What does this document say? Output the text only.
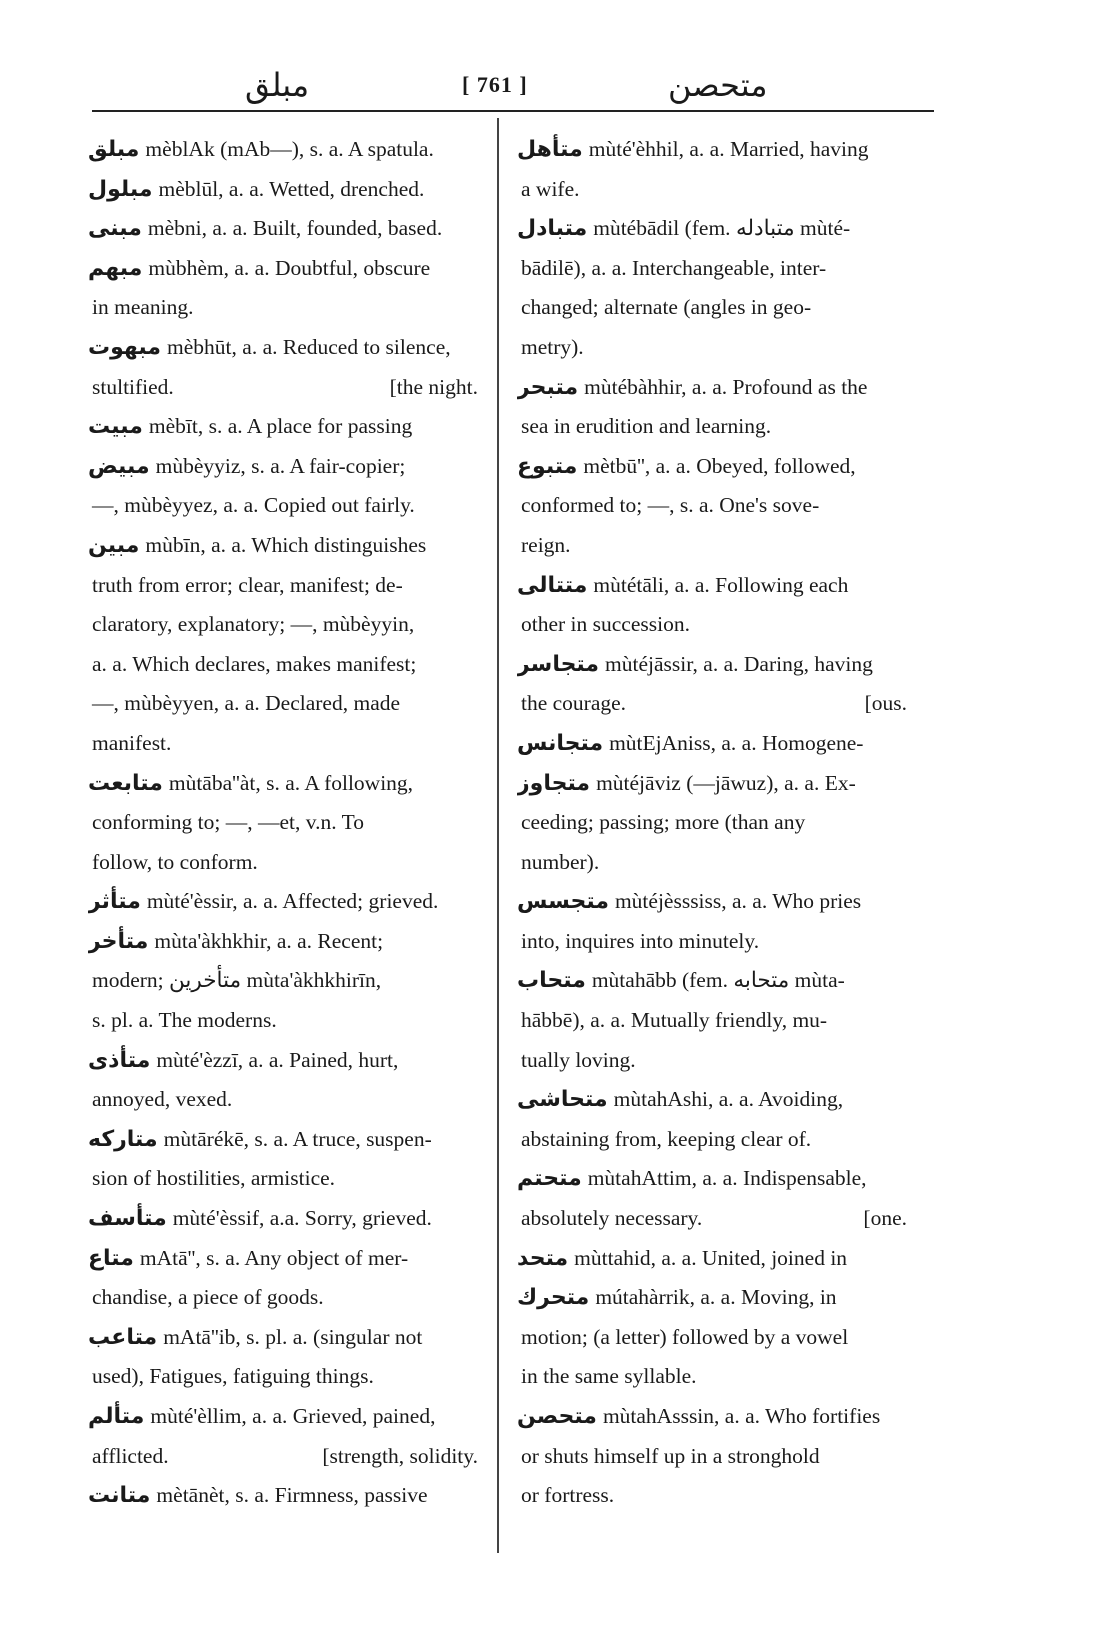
مبلق	[ 761 ]	متحصن
مبلق mèblAk (mAb—), s. a. A spatula.
مبلول mèblūl, a. a. Wetted, drenched.
مبنى mèbni, a. a. Built, founded, based.
مبهم mùbhèm, a. a. Doubtful, obscure
in meaning.
مبهوت mèbhūt, a. a. Reduced to silence,
stultified.	[the night.
مبيت mèbīt, s. a. A place for passing
مبيض mùbèyyiz, s. a. A fair-copier;
—, mùbèyyez, a. a. Copied out fairly.
مبين mùbīn, a. a. Which distinguishes
truth from error; clear, manifest; de-
claratory, explanatory; —, mùbèyyin,
a. a. Which declares, makes manifest;
—, mùbèyyen, a. a. Declared, made
manifest.
متابعت mùtāba''àt, s. a. A following,
conforming to; —, —et, v.n. To
follow, to conform.
متأثر mùté'èssir, a. a. Affected; grieved.
متأخر mùta'àkhkhir, a. a. Recent;
modern; متأخرين mùta'àkhkhirīn,
s. pl. a. The moderns.
متأذى mùté'èzzī, a. a. Pained, hurt,
annoyed, vexed.
متاركه mùtārékē, s. a. A truce, suspen-
sion of hostilities, armistice.
متأسف mùté'èssif, a.a. Sorry, grieved.
متاع mAtā'', s. a. Any object of mer-
chandise, a piece of goods.
متاعب mAtā''ib, s. pl. a. (singular not
used), Fatigues, fatiguing things.
متألم mùté'èllim, a. a. Grieved, pained,
afflicted.	[strength, solidity.
متانت mètānèt, s. a. Firmness, passive
متأهل mùté'èhhil, a. a. Married, having
a wife.
متبادل mùtébādil (fem. متبادله mùté-
bādilē), a. a. Interchangeable, inter-
changed; alternate (angles in geo-
metry).
متبحر mùtébàhhir, a. a. Profound as the
sea in erudition and learning.
متبوع mètbū'', a. a. Obeyed, followed,
conformed to; —, s. a. One's sove-
reign.
متتالى mùtétāli, a. a. Following each
other in succession.
متجاسر mùtéjāssir, a. a. Daring, having
the courage.	[ous.
متجانس mùtEjAniss, a. a. Homogene-
متجاوز mùtéjāviz (—jāwuz), a. a. Ex-
ceeding; passing; more (than any
number).
متجسس mùtéjèsssiss, a. a. Who pries
into, inquires into minutely.
متحاب mùtahābb (fem. متحابه mùta-
hābbē), a. a. Mutually friendly, mu-
tually loving.
متحاشى mùtahAshi, a. a. Avoiding,
abstaining from, keeping clear of.
متحتم mùtahAttim, a. a. Indispensable,
absolutely necessary.	[one.
متحد mùttahid, a. a. United, joined in
متحرك mútahàrrik, a. a. Moving, in
motion; (a letter) followed by a vowel
in the same syllable.
متحصن mùtahAsssin, a. a. Who fortifies
or shuts himself up in a stronghold
or fortress.
